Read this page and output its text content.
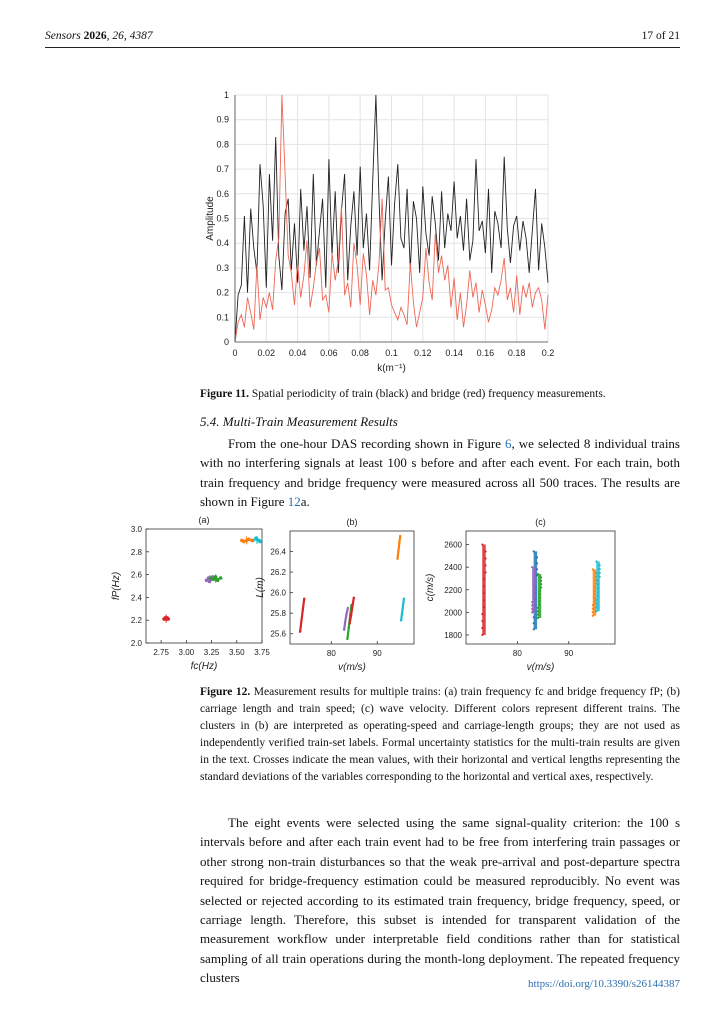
Sensors 2026, 26, 4387	17 of 21
0 0.02 0.04 0.06 0.08 0.1 0.12 0.14 0.16 0.18 0.2
0
0.1
0.2
0.3
0.4
0.5
0.6
0.7
0.8
0.9
1
k(m⁻¹)
Amplitude
(a)
2.75 3.00 3.25 3.50 3.75
2.0
2.2
2.4
2.6
2.8
3.0
fc(Hz)
fP(Hz)
(b)
80	90
25.6
25.8
26.0
26.2
26.4
v(m/s)
L(m)
(c)
80	90
1800
2000
2200
2400
2600
v(m/s)
c(m/s)
Figure 11. Spatial periodicity of train (black) and bridge (red) frequency measurements.
5.4. Multi-Train Measurement Results
From the one-hour DAS recording shown in Figure 6, we selected 8 individual trains with no interfering signals at least 100 s before and after each event. For each train, both train frequency and bridge frequency were measured across all 500 traces. The results are shown in Figure 12a.
Figure 12. Measurement results for multiple trains: (a) train frequency fc and bridge frequency fP; (b) carriage length and train speed; (c) wave velocity. Different colors represent different trains. The clusters in (b) are interpreted as operating-speed and carriage-length groups; they are not used as independently verified train-set labels. Formal uncertainty statistics for the multi-train results are given in the text. Crosses indicate the mean values, with their horizontal and vertical lengths representing the standard deviations of the variables corresponding to the horizontal and vertical axes, respectively.
The eight events were selected using the same signal-quality criterion: the 100 s intervals before and after each train event had to be free from interfering train passages or other strong non-train disturbances so that the weak pre-arrival and post-departure spectra required for bridge-frequency estimation could be measured reproducibly. No event was selected or rejected according to its estimated train frequency, bridge frequency, speed, or carriage length. Therefore, this subset is intended for transparent validation of the measurement workflow under interpretable field conditions rather than for statistical sampling of all train operations during the month-long deployment. The repeated frequency clusters	https://doi.org/10.3390/s26144387
